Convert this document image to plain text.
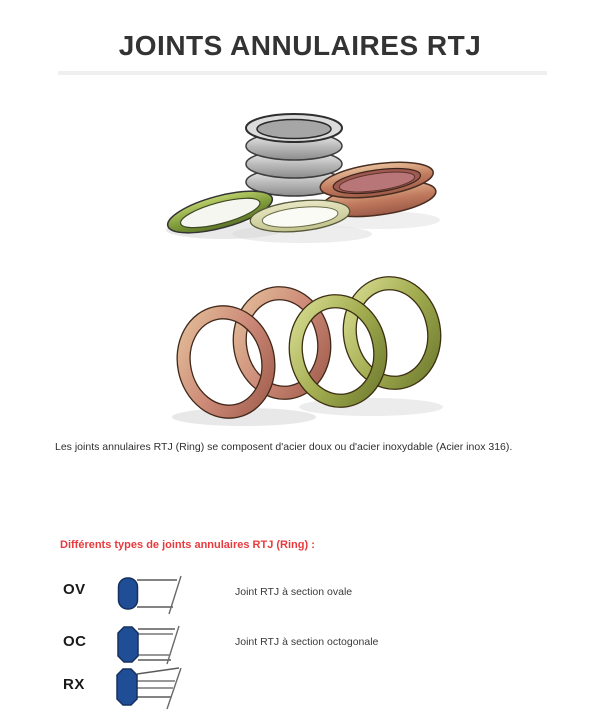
JOINTS ANNULAIRES RTJ

Les joints annulaires RTJ (Ring) se composent d'acier doux ou d'acier inoxydable (Acier inox 316).

Différents types de joints annulaires RTJ (Ring) :
OV	Joint RTJ à section ovale
OC	Joint RTJ à section octogonale
RX
